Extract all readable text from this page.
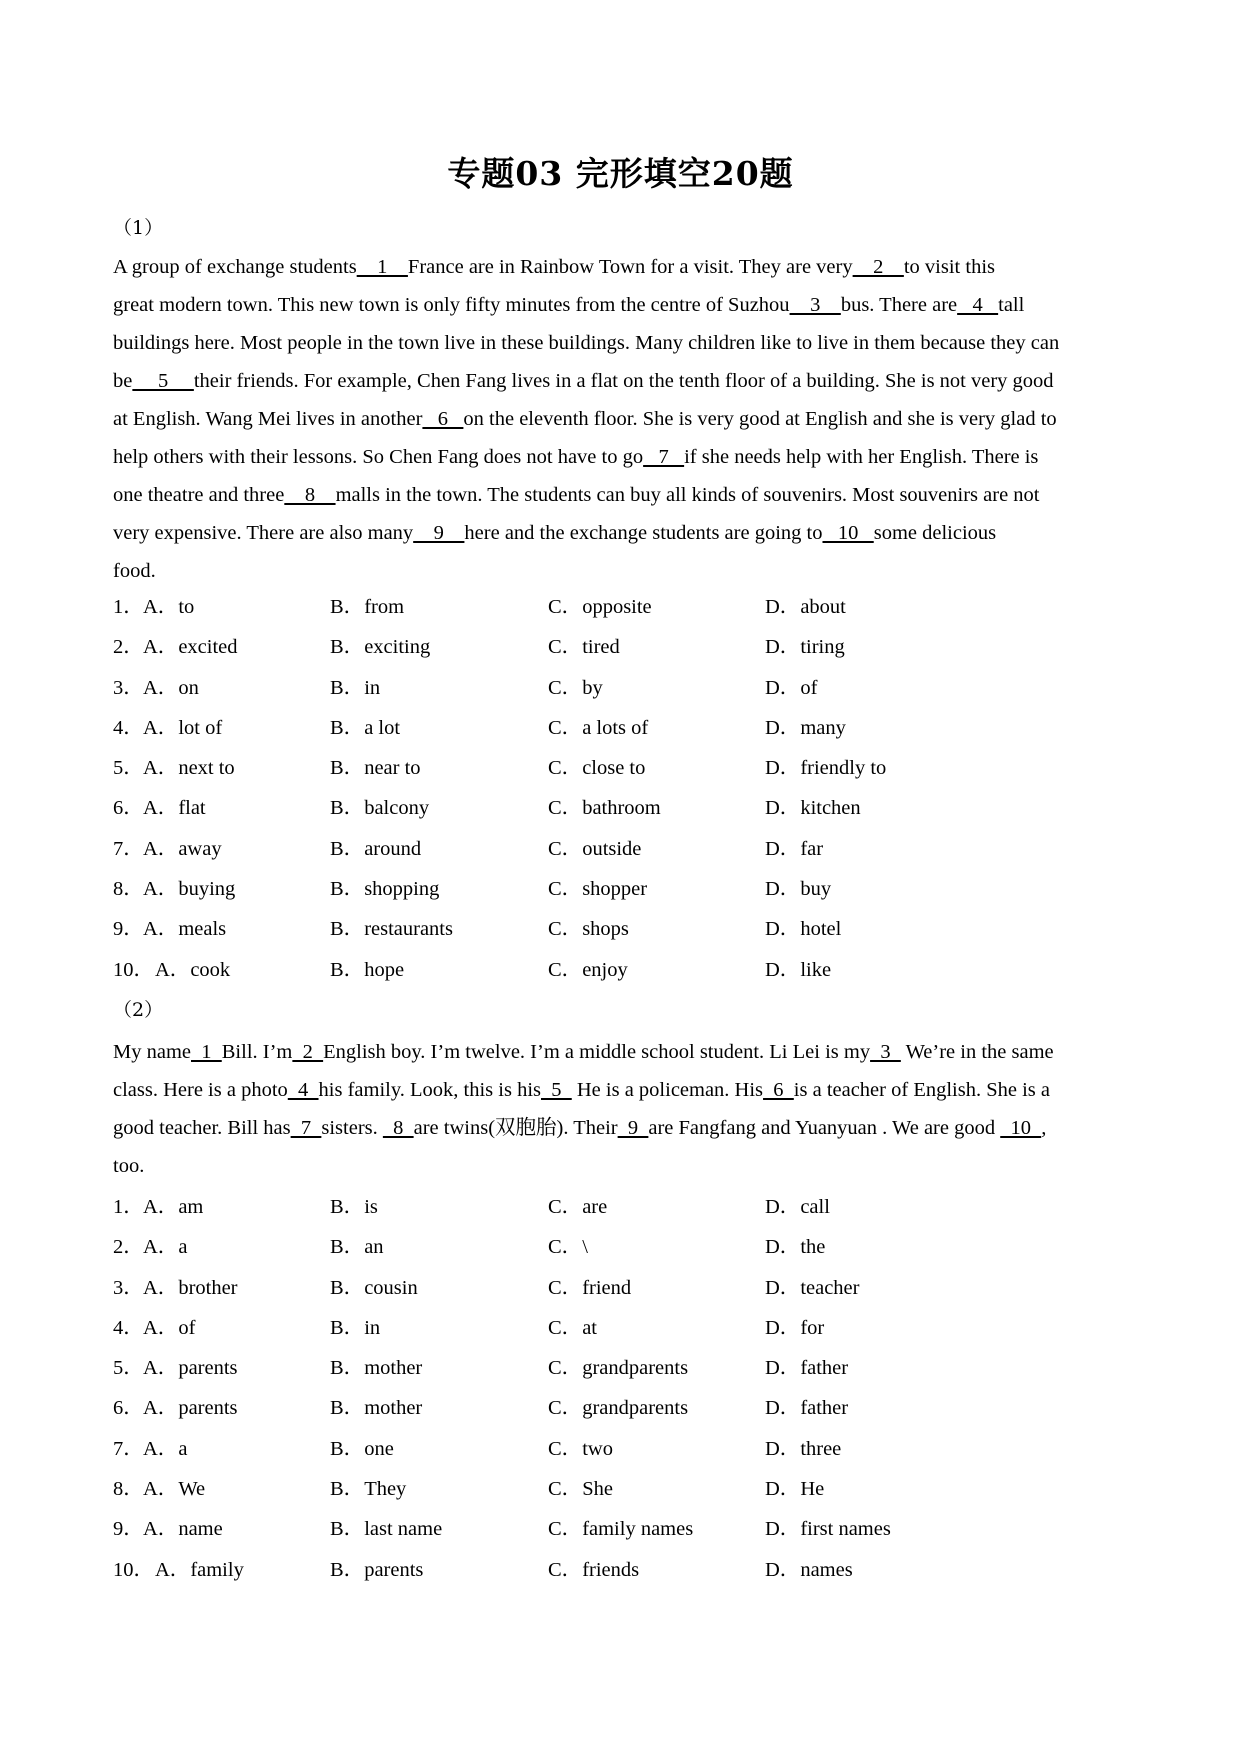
专题03 完形填空20题
（1）
A group of exchange students    1    France are in Rainbow Town for a visit. They are very    2    to visit this
great modern town. This new town is only fifty minutes from the centre of Suzhou    3    bus. There are   4   tall
buildings here. Most people in the town live in these buildings. Many children like to live in them because they can
be     5     their friends. For example, Chen Fang lives in a flat on the tenth floor of a building. She is not very good
at English. Wang Mei lives in another   6   on the eleventh floor. She is very good at English and she is very glad to
help others with their lessons. So Chen Fang does not have to go   7   if she needs help with her English. There is
one theatre and three    8    malls in the town. The students can buy all kinds of souvenirs. Most souvenirs are not
very expensive. There are also many    9    here and the exchange students are going to   10   some delicious
food.
1． A．to	B．from	C．opposite	D．about
2． A．excited	B．exciting	C．tired	D．tiring
3． A．on	B．in	C．by	D．of
4． A．lot of	B．a lot	C．a lots of	D．many
5． A．next to	B．near to	C．close to	D．friendly to
6． A．flat	B．balcony	C．bathroom	D．kitchen
7． A．away	B．around	C．outside	D．far
8． A．buying	B．shopping	C．shopper	D．buy
9． A．meals	B．restaurants	C．shops	D．hotel
10． A．cook	B．hope	C．enjoy	D．like
（2）
My name  1  Bill. I’m  2  English boy. I’m twelve. I’m a middle school student. Li Lei is my  3   We’re in the same
class. Here is a photo  4  his family. Look, this is his  5   He is a policeman. His  6  is a teacher of English. She is a
good teacher. Bill has  7  sisters.   8  are twins(双胞胎). Their  9  are Fangfang and Yuanyuan . We are good   10  ,
too.
1． A．am	B．is	C．are	D．call
2． A．a	B．an	C．\	D．the
3． A．brother	B．cousin	C．friend	D．teacher
4． A．of	B．in	C．at	D．for
5． A．parents	B．mother	C．grandparents	D．father
6． A．parents	B．mother	C．grandparents	D．father
7． A．a	B．one	C．two	D．three
8． A．We	B．They	C．She	D．He
9． A．name	B．last name	C．family names	D．first names
10． A．family	B．parents	C．friends	D．names
